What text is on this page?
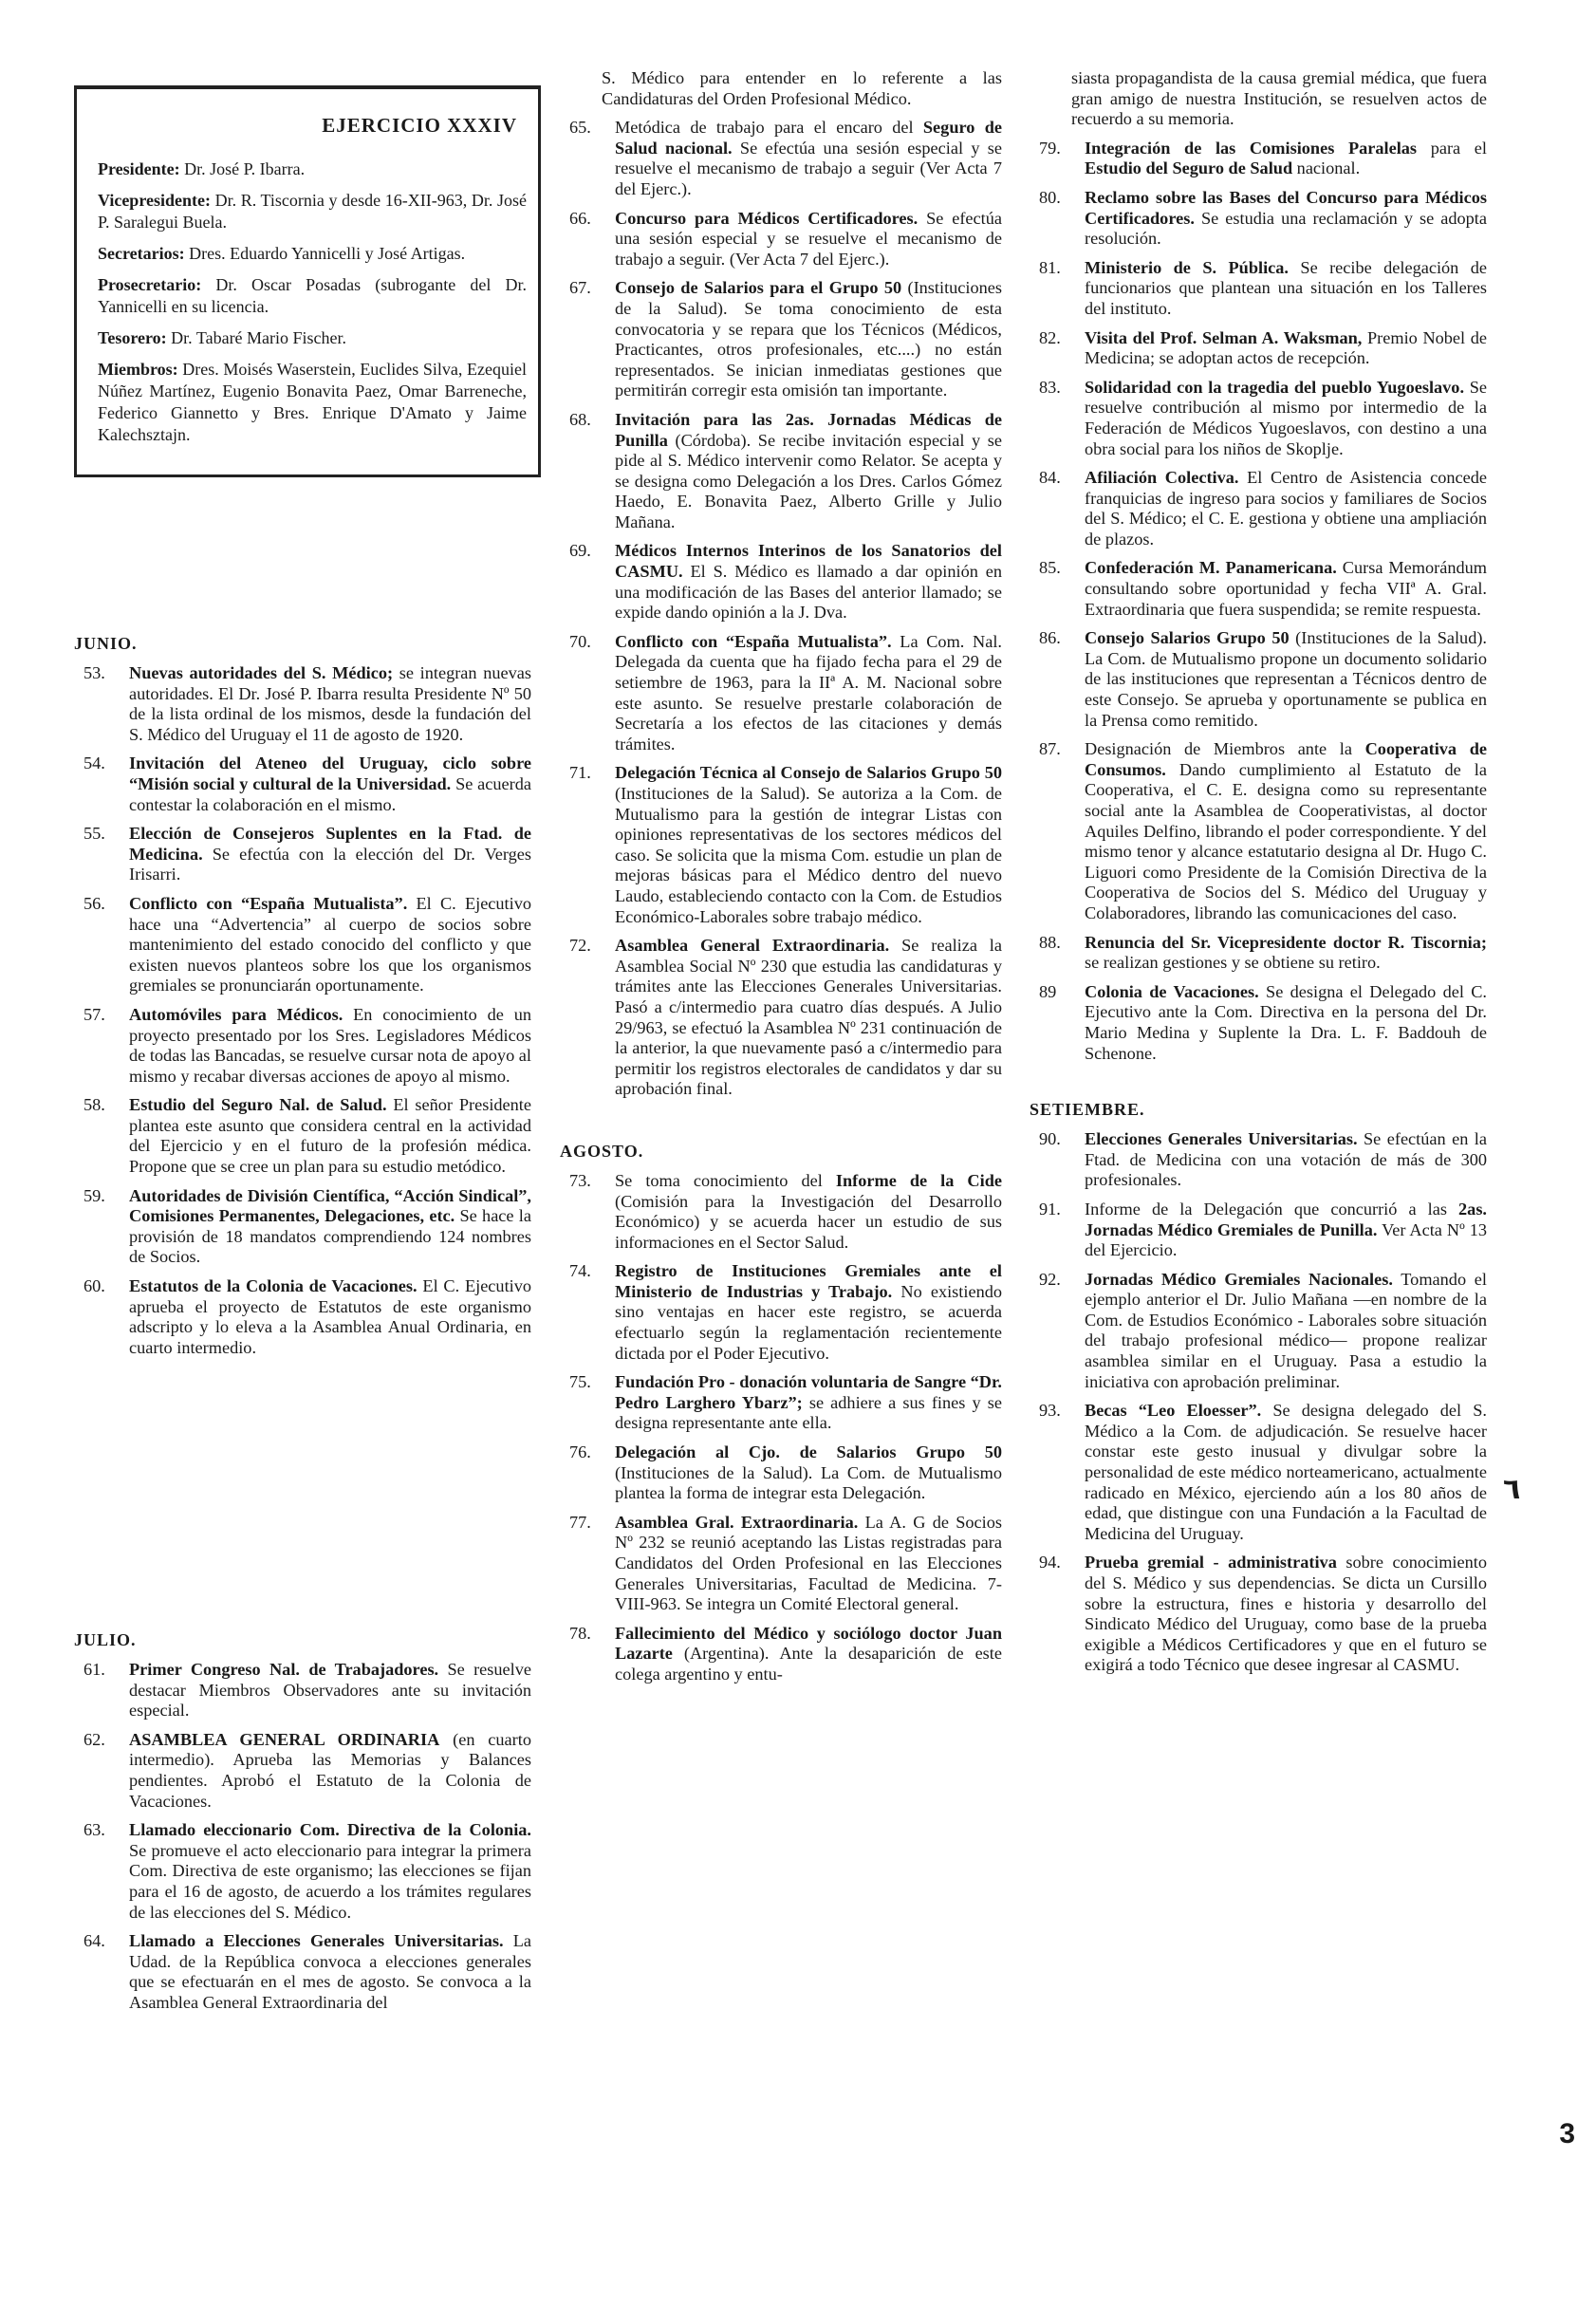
EJERCICIO XXXIV

Presidente: Dr. José P. Ibarra.

Vicepresidente: Dr. R. Tiscornia y desde 16-XII-963, Dr. José P. Saralegui Buela.

Secretarios: Dres. Eduardo Yannicelli y José Artigas.

Prosecretario: Dr. Oscar Posadas (subrogante del Dr. Yannicelli en su licencia.

Tesorero: Dr. Tabaré Mario Fischer.

Miembros: Dres. Moisés Waserstein, Euclides Silva, Ezequiel Núñez Martínez, Eugenio Bonavita Paez, Omar Barreneche, Federico Giannetto y Bres. Enrique D'Amato y Jaime Kalechsztajn.

JUNIO.
53.	Nuevas autoridades del S. Médico; se integran nuevas autoridades. El Dr. José P. Ibarra resulta Presidente Nº 50 de la lista ordinal de los mismos, desde la fundación del S. Médico del Uruguay el 11 de agosto de 1920.
54.	Invitación del Ateneo del Uruguay, ciclo sobre “Misión social y cultural de la Universidad. Se acuerda contestar la colaboración en el mismo.
55.	Elección de Consejeros Suplentes en la Ftad. de Medicina. Se efectúa con la elección del Dr. Verges Irisarri.
56.	Conflicto con “España Mutualista”. El C. Ejecutivo hace una “Advertencia” al cuerpo de socios sobre mantenimiento del estado conocido del conflicto y que existen nuevos planteos sobre los que los organismos gremiales se pronunciarán oportunamente.
57.	Automóviles para Médicos. En conocimiento de un proyecto presentado por los Sres. Legisladores Médicos de todas las Bancadas, se resuelve cursar nota de apoyo al mismo y recabar diversas acciones de apoyo al mismo.
58.	Estudio del Seguro Nal. de Salud. El señor Presidente plantea este asunto que considera central en la actividad del Ejercicio y en el futuro de la profesión médica. Propone que se cree un plan para su estudio metódico.
59.	Autoridades de División Científica, “Acción Sindical”, Comisiones Permanentes, Delegaciones, etc. Se hace la provisión de 18 mandatos comprendiendo 124 nombres de Socios.
60.	Estatutos de la Colonia de Vacaciones. El C. Ejecutivo aprueba el proyecto de Estatutos de este organismo adscripto y lo eleva a la Asamblea Anual Ordinaria, en cuarto intermedio.
JULIO.
61.	Primer Congreso Nal. de Trabajadores. Se resuelve destacar Miembros Observadores ante su invitación especial.
62.	ASAMBLEA GENERAL ORDINARIA (en cuarto intermedio). Aprueba las Memorias y Balances pendientes. Aprobó el Estatuto de la Colonia de Vacaciones.
63.	Llamado eleccionario Com. Directiva de la Colonia. Se promueve el acto eleccionario para integrar la primera Com. Directiva de este organismo; las elecciones se fijan para el 16 de agosto, de acuerdo a los trámites regulares de las elecciones del S. Médico.
64.	Llamado a Elecciones Generales Universitarias. La Udad. de la República convoca a elecciones generales que se efectuarán en el mes de agosto. Se convoca a la Asamblea General Extraordinaria del

S. Médico para entender en lo referente a las Candidaturas del Orden Profesional Médico.

65.	Metódica de trabajo para el encaro del Seguro de Salud nacional. Se efectúa una sesión especial y se resuelve el mecanismo de trabajo a seguir (Ver Acta 7 del Ejerc.).
66.	Concurso para Médicos Certificadores. Se efectúa una sesión especial y se resuelve el mecanismo de trabajo a seguir. (Ver Acta 7 del Ejerc.).
67.	Consejo de Salarios para el Grupo 50 (Instituciones de la Salud). Se toma conocimiento de esta convocatoria y se repara que los Técnicos (Médicos, Practicantes, otros profesionales, etc....) no están representados. Se inician inmediatas gestiones que permitirán corregir esta omisión tan importante.
68.	Invitación para las 2as. Jornadas Médicas de Punilla (Córdoba). Se recibe invitación especial y se pide al S. Médico intervenir como Relator. Se acepta y se designa como Delegación a los Dres. Carlos Gómez Haedo, E. Bonavita Paez, Alberto Grille y Julio Mañana.
69.	Médicos Internos Interinos de los Sanatorios del CASMU. El S. Médico es llamado a dar opinión en una modificación de las Bases del anterior llamado; se expide dando opinión a la J. Dva.
70.	Conflicto con “España Mutualista”. La Com. Nal. Delegada da cuenta que ha fijado fecha para el 29 de setiembre de 1963, para la IIª A. M. Nacional sobre este asunto. Se resuelve prestarle colaboración de Secretaría a los efectos de las citaciones y demás trámites.
71.	Delegación Técnica al Consejo de Salarios Grupo 50 (Instituciones de la Salud). Se autoriza a la Com. de Mutualismo para la gestión de integrar Listas con opiniones representativas de los sectores médicos del caso. Se solicita que la misma Com. estudie un plan de mejoras básicas para el Médico dentro del nuevo Laudo, estableciendo contacto con la Com. de Estudios Económico-Laborales sobre trabajo médico.
72.	Asamblea General Extraordinaria. Se realiza la Asamblea Social Nº 230 que estudia las candidaturas y trámites ante las Elecciones Generales Universitarias. Pasó a c/intermedio para cuatro días después. A Julio 29/963, se efectuó la Asamblea Nº 231 continuación de la anterior, la que nuevamente pasó a c/intermedio para permitir los registros electorales de candidatos y dar su aprobación final.
AGOSTO.
73.	Se toma conocimiento del Informe de la Cide (Comisión para la Investigación del Desarrollo Económico) y se acuerda hacer un estudio de sus informaciones en el Sector Salud.
74.	Registro de Instituciones Gremiales ante el Ministerio de Industrias y Trabajo. No existiendo sino ventajas en hacer este registro, se acuerda efectuarlo según la reglamentación recientemente dictada por el Poder Ejecutivo.
75.	Fundación Pro - donación voluntaria de Sangre “Dr. Pedro Larghero Ybarz”; se adhiere a sus fines y se designa representante ante ella.
76.	Delegación al Cjo. de Salarios Grupo 50 (Instituciones de la Salud). La Com. de Mutualismo plantea la forma de integrar esta Delegación.
77.	Asamblea Gral. Extraordinaria. La A. G de Socios Nº 232 se reunió aceptando las Listas registradas para Candidatos del Orden Profesional en las Elecciones Generales Universitarias, Facultad de Medicina. 7-VIII-963. Se integra un Comité Electoral general.
78.	Fallecimiento del Médico y sociólogo doctor Juan Lazarte (Argentina). Ante la desaparición de este colega argentino y entu-

siasta propagandista de la causa gremial médica, que fuera gran amigo de nuestra Institución, se resuelven actos de recuerdo a su memoria.

79.	Integración de las Comisiones Paralelas para el Estudio del Seguro de Salud nacional.
80.	Reclamo sobre las Bases del Concurso para Médicos Certificadores. Se estudia una reclamación y se adopta resolución.
81.	Ministerio de S. Pública. Se recibe delegación de funcionarios que plantean una situación en los Talleres del instituto.
82.	Visita del Prof. Selman A. Waksman, Premio Nobel de Medicina; se adoptan actos de recepción.
83.	Solidaridad con la tragedia del pueblo Yugoeslavo. Se resuelve contribución al mismo por intermedio de la Federación de Médicos Yugoeslavos, con destino a una obra social para los niños de Skoplje.
84.	Afiliación Colectiva. El Centro de Asistencia concede franquicias de ingreso para socios y familiares de Socios del S. Médico; el C. E. gestiona y obtiene una ampliación de plazos.
85.	Confederación M. Panamericana. Cursa Memorándum consultando sobre oportunidad y fecha VIIª A. Gral. Extraordinaria que fuera suspendida; se remite respuesta.
86.	Consejo Salarios Grupo 50 (Instituciones de la Salud). La Com. de Mutualismo propone un documento solidario de las instituciones que representan a Técnicos dentro de este Consejo. Se aprueba y oportunamente se publica en la Prensa como remitido.
87.	Designación de Miembros ante la Cooperativa de Consumos. Dando cumplimiento al Estatuto de la Cooperativa, el C. E. designa como su representante social ante la Asamblea de Cooperativistas, al doctor Aquiles Delfino, librando el poder correspondiente. Y del mismo tenor y alcance estatutario designa al Dr. Hugo C. Liguori como Presidente de la Comisión Directiva de la Cooperativa de Socios del S. Médico del Uruguay y Colaboradores, librando las comunicaciones del caso.
88.	Renuncia del Sr. Vicepresidente doctor R. Tiscornia; se realizan gestiones y se obtiene su retiro.
89	Colonia de Vacaciones. Se designa el Delegado del C. Ejecutivo ante la Com. Directiva en la persona del Dr. Mario Medina y Suplente la Dra. L. F. Baddouh de Schenone.
SETIEMBRE.
90.	Elecciones Generales Universitarias. Se efectúan en la Ftad. de Medicina con una votación de más de 300 profesionales.
91.	Informe de la Delegación que concurrió a las 2as. Jornadas Médico Gremiales de Punilla. Ver Acta Nº 13 del Ejercicio.
92.	Jornadas Médico Gremiales Nacionales. Tomando el ejemplo anterior el Dr. Julio Mañana —en nombre de la Com. de Estudios Económico - Laborales sobre situación del trabajo profesional médico— propone realizar asamblea similar en el Uruguay. Pasa a estudio la iniciativa con aprobación preliminar.
93.	Becas “Leo Eloesser”. Se designa delegado del S. Médico a la Com. de adjudicación. Se resuelve hacer constar este gesto inusual y divulgar sobre la personalidad de este médico norteamericano, actualmente radicado en México, ejerciendo aún a los 80 años de edad, que distingue con una Fundación a la Facultad de Medicina del Uruguay.
94.	Prueba gremial - administrativa sobre conocimiento del S. Médico y sus dependencias. Se dicta un Cursillo sobre la estructura, fines e historia y desarrollo del Sindicato Médico del Uruguay, como base de la prueba exigible a Médicos Certificadores y que en el futuro se exigirá a todo Técnico que desee ingresar al CASMU.
٦
3
